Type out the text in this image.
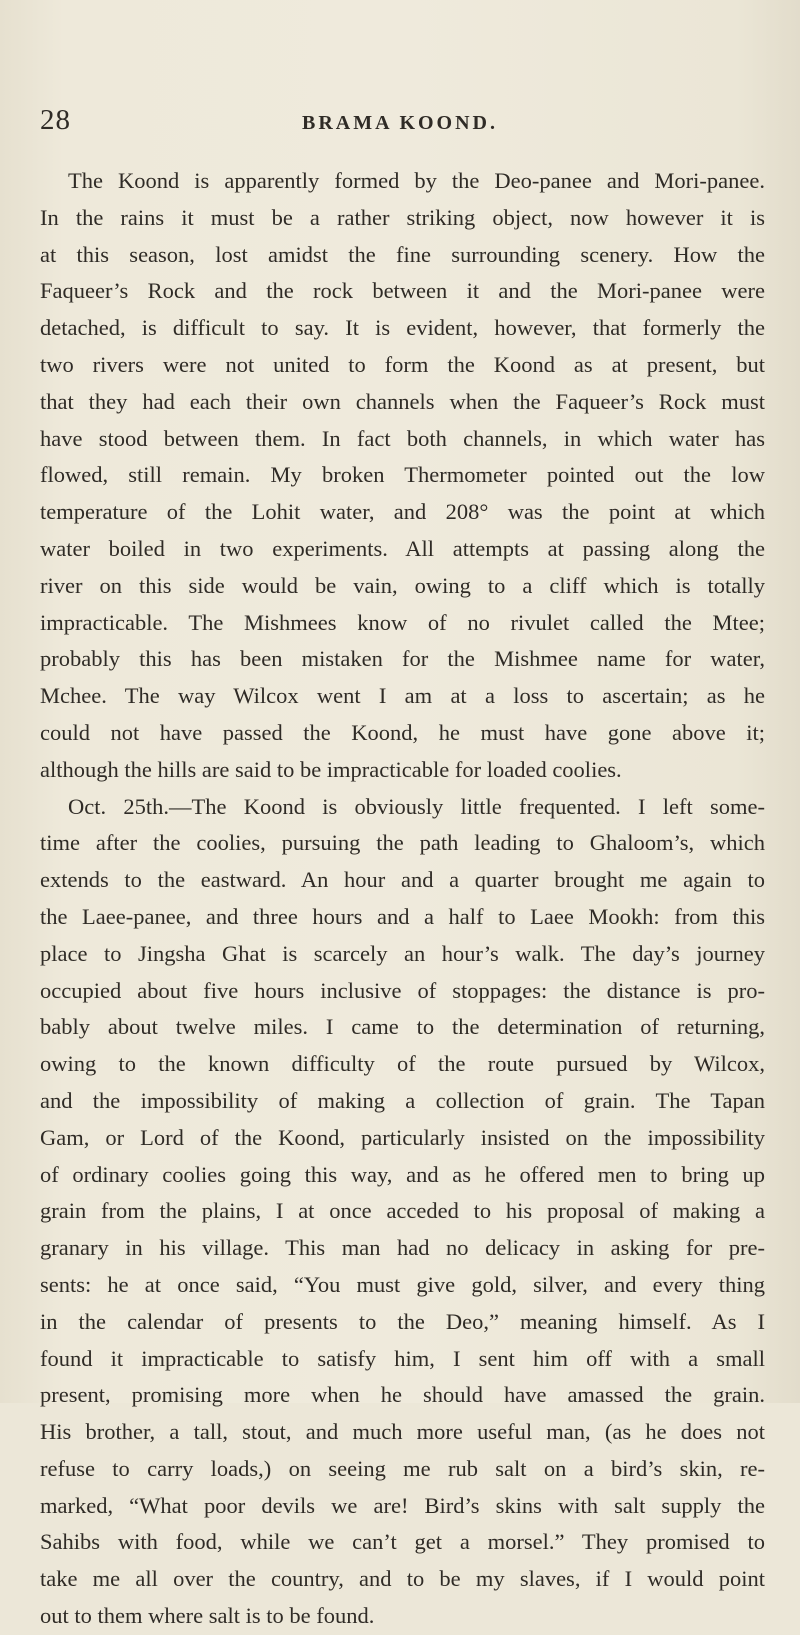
28	BRAMA KOOND.
The Koond is apparently formed by the Deo-panee and Mori-panee.
In the rains it must be a rather striking object, now however it is
at this season, lost amidst the fine surrounding scenery. How the
Faqueer’s Rock and the rock between it and the Mori-panee were
detached, is difficult to say. It is evident, however, that formerly the
two rivers were not united to form the Koond as at present, but
that they had each their own channels when the Faqueer’s Rock must
have stood between them. In fact both channels, in which water has
flowed, still remain. My broken Thermometer pointed out the low
temperature of the Lohit water, and 208° was the point at which
water boiled in two experiments. All attempts at passing along the
river on this side would be vain, owing to a cliff which is totally
impracticable. The Mishmees know of no rivulet called the Mtee;
probably this has been mistaken for the Mishmee name for water,
Mchee. The way Wilcox went I am at a loss to ascertain; as he
could not have passed the Koond, he must have gone above it;
although the hills are said to be impracticable for loaded coolies.
Oct. 25th.—The Koond is obviously little frequented. I left some-
time after the coolies, pursuing the path leading to Ghaloom’s, which
extends to the eastward. An hour and a quarter brought me again to
the Laee-panee, and three hours and a half to Laee Mookh: from this
place to Jingsha Ghat is scarcely an hour’s walk. The day’s journey
occupied about five hours inclusive of stoppages: the distance is pro-
bably about twelve miles. I came to the determination of returning,
owing to the known difficulty of the route pursued by Wilcox,
and the impossibility of making a collection of grain. The Tapan
Gam, or Lord of the Koond, particularly insisted on the impossibility
of ordinary coolies going this way, and as he offered men to bring up
grain from the plains, I at once acceded to his proposal of making a
granary in his village. This man had no delicacy in asking for pre-
sents: he at once said, “You must give gold, silver, and every thing
in the calendar of presents to the Deo,” meaning himself. As I
found it impracticable to satisfy him, I sent him off with a small
present, promising more when he should have amassed the grain.
His brother, a tall, stout, and much more useful man, (as he does not
refuse to carry loads,) on seeing me rub salt on a bird’s skin, re-
marked, “What poor devils we are! Bird’s skins with salt supply the
Sahibs with food, while we can’t get a morsel.” They promised to
take me all over the country, and to be my slaves, if I would point
out to them where salt is to be found.
